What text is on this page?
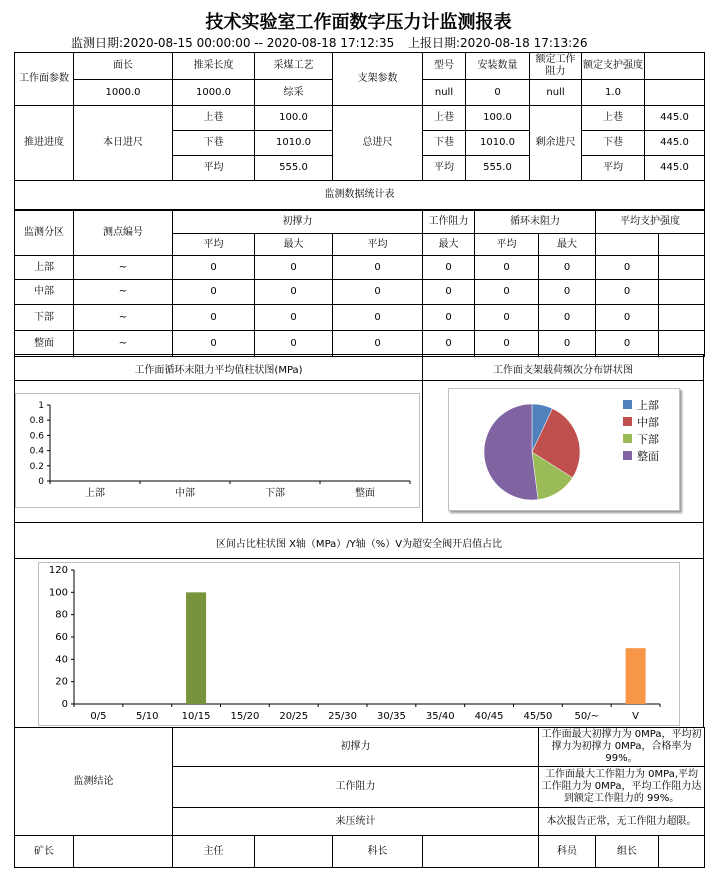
技术实验室工作面数字压力计监测报表
监测日期:2020-08-15 00:00:00 -- 2020-08-18 17:12:35 上报日期:2020-08-18 17:13:26
工作面参数	面长	推采长度	采煤工艺	支架参数	型号	安装数量	额定工作阻力	额定支护强度	
	1000.0	1000.0	综采		null	0	null	1.0	
推进进度	本日进尺	上巷	100.0	总进尺	上巷	100.0	剩余进尺	上巷	445.0
		下巷	1010.0		下巷	1010.0		下巷	445.0
		平均	555.0		平均	555.0		平均	445.0
监测数据统计表									
监测分区	测点编号	初撑力			工作阻力	循环末阻力		平均支护强度	
		平均	最大	平均	最大	平均	最大		
上部	~	0	0	0	0	0	0	0	
中部	~	0	0	0	0	0	0	0	
下部	~	0	0	0	0	0	0	0	
整面	~	0	0	0	0	0	0	0	
工作面循环末阻力平均值柱状图(MPa)	工作面支架载荷频次分布饼状图
0
0.2
0.4
0.6
0.8
1
上部	中部	下部	整面
上部
中部
下部
整面
区间占比柱状图 X轴（MPa）/Y轴（%）V为超安全阀开启值占比
0
20
40
60
80
100
120
0/5	5/10 10/15 15/20 20/25 25/30 30/35 35/40 40/45 45/50 50/~	V
监测结论		初撑力				工作面最大初撑力为 0MPa，平均初撑力为初撑力 0MPa，合格率为 99%。		
		工作阻力				工作面最大工作阻力为 0MPa,平均工作阻力为 0MPa，平均工作阻力达到额定工作阻力的 99%。		
		来压统计				本次报告正常，无工作阻力超限。		
矿长		主任		科长		科员	组长	
